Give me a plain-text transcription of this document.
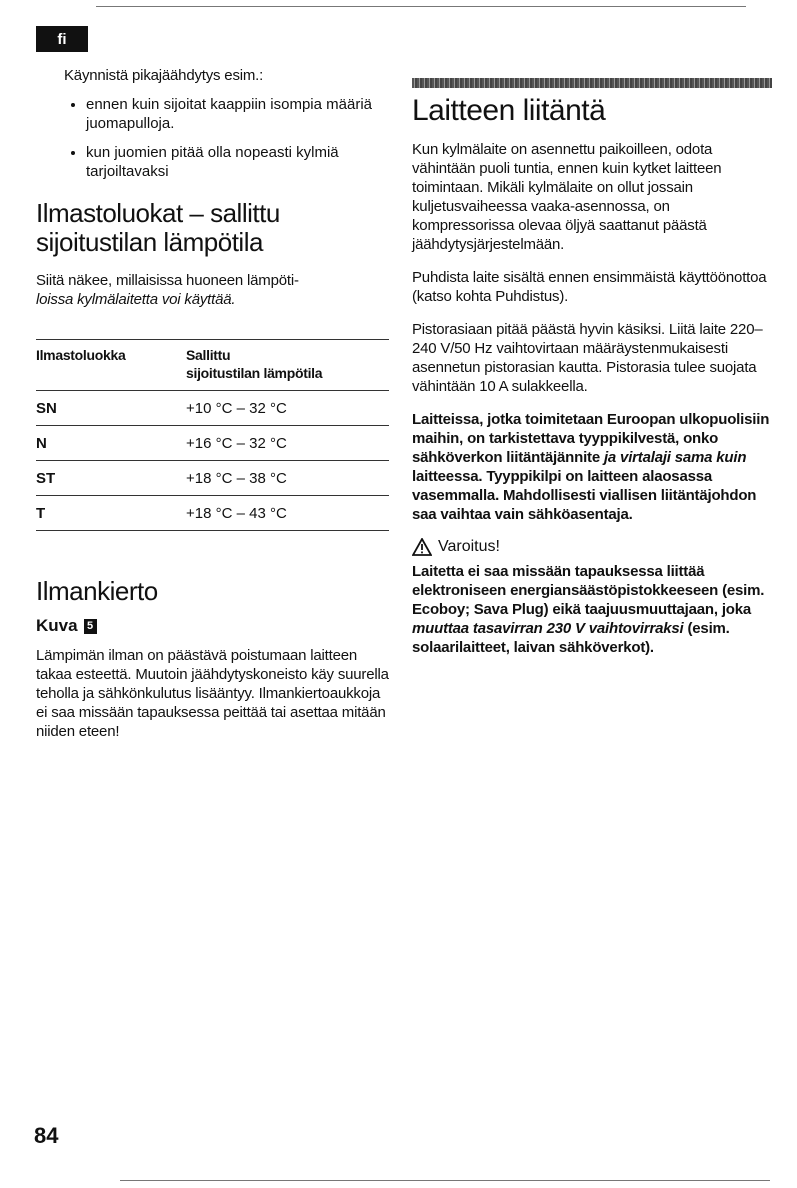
fi

Käynnistä pikajäähdytys esim.:

• ennen kuin sijoitat kaappiin isompia määriä juomapulloja.
• kun juomien pitää olla nopeasti kylmiä tarjoiltavaksi
Ilmastoluokat – sallittu sijoitustilan lämpötila

Siitä näkee, millaisissa huoneen lämpöti-
loissa kylmälaitetta voi käyttää.

Ilmastoluokka	Sallittu
sijoitustilan lämpötila
SN	+10 °C – 32 °C
N	+16 °C – 32 °C
ST	+18 °C – 38 °C
T	+18 °C – 43 °C
Ilmankierto
Kuva 5

Lämpimän ilman on päästävä poistumaan laitteen takaa esteettä. Muutoin jäähdytyskoneisto käy suurella teholla ja sähkönkulutus lisääntyy. Ilmankiertoaukkoja ei saa missään tapauksessa peittää tai asettaa mitään niiden eteen!

Laitteen liitäntä

Kun kylmälaite on asennettu paikoilleen, odota vähintään puoli tuntia, ennen kuin kytket laitteen toimintaan. Mikäli kylmälaite on ollut jossain kuljetusvaiheessa vaaka-asennossa, on kompressorissa olevaa öljyä saattanut päästä jäähdytysjärjestelmään.

Puhdista laite sisältä ennen ensimmäistä käyttöönottoa (katso kohta Puhdistus).

Pistorasiaan pitää päästä hyvin käsiksi. Liitä laite 220–240 V/50 Hz vaihtovirtaan määräystenmukaisesti asennetun pistorasian kautta. Pistorasia tulee suojata vähintään 10 A sulakkeella.

Laitteissa, jotka toimitetaan Euroopan ulkopuolisiin maihin, on tarkistettava tyyppikilvestä, onko sähköverkon liitäntäjännite ja virtalaji sama kuin laitteessa. Tyyppikilpi on laitteen alaosassa vasemmalla. Mahdollisesti viallisen liitäntäjohdon saa vaihtaa vain sähköasentaja.

Varoitus!

Laitetta ei saa missään tapauksessa liittää elektroniseen energiansäästöpistokkeeseen (esim. Ecoboy; Sava Plug) eikä taajuusmuuttajaan, joka muuttaa tasavirran 230 V vaihtovirraksi (esim. solaarilaitteet, laivan sähköverkot).

84
